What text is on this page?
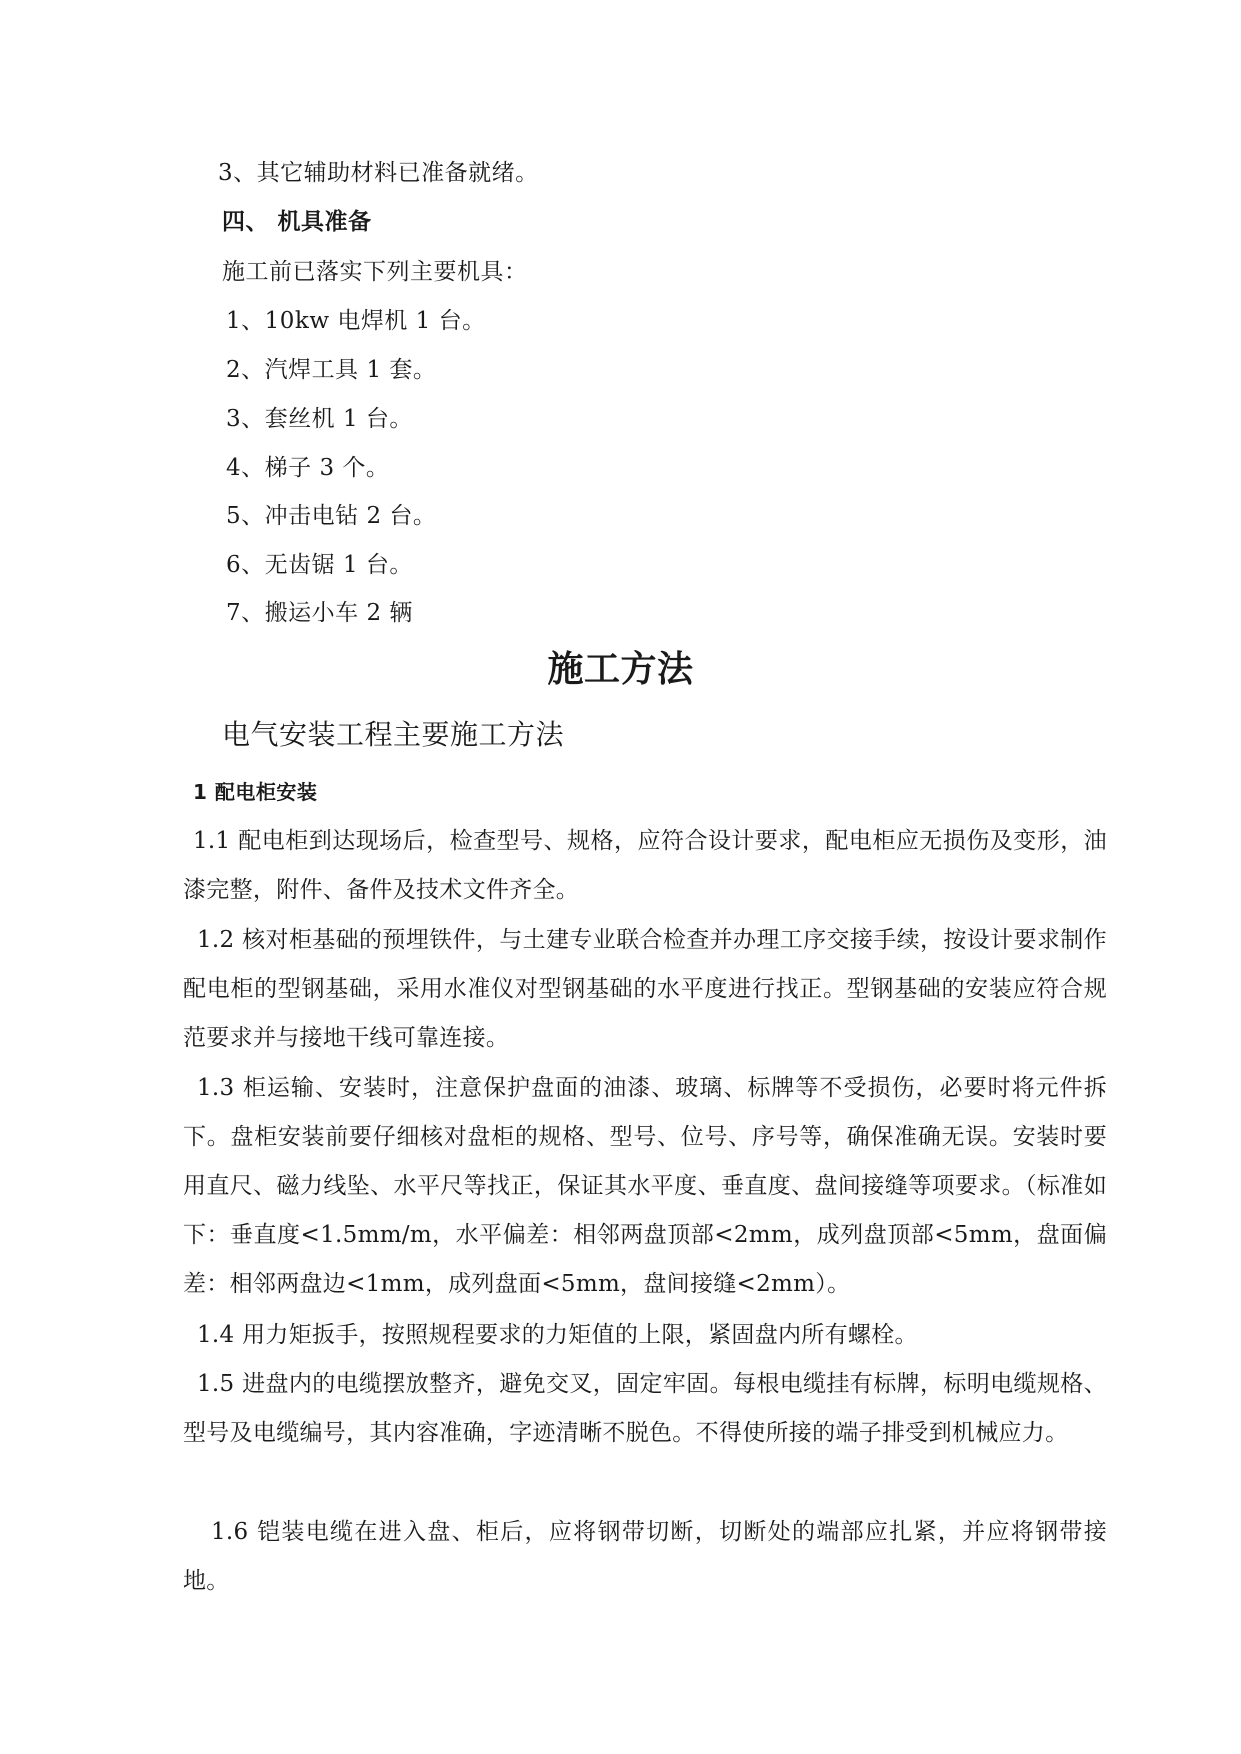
3、其它辅助材料已准备就绪。
四、 机具准备
施工前已落实下列主要机具：
1、10kw 电焊机 1 台。
2、汽焊工具 1 套。
3、套丝机 1 台。
4、梯子 3 个。
5、冲击电钻 2 台。
6、无齿锯 1 台。
7、搬运小车 2 辆
施工方法
电气安装工程主要施工方法
1 配电柜安装
1.1 配电柜到达现场后，检查型号、规格，应符合设计要求，配电柜应无损伤及变形，油漆完整，附件、备件及技术文件齐全。
1.2 核对柜基础的预埋铁件，与土建专业联合检查并办理工序交接手续，按设计要求制作配电柜的型钢基础，采用水准仪对型钢基础的水平度进行找正。型钢基础的安装应符合规范要求并与接地干线可靠连接。
1.3 柜运输、安装时，注意保护盘面的油漆、玻璃、标牌等不受损伤，必要时将元件拆下。盘柜安装前要仔细核对盘柜的规格、型号、位号、序号等，确保准确无误。安装时要用直尺、磁力线坠、水平尺等找正，保证其水平度、垂直度、盘间接缝等项要求。（标准如下：垂直度<1.5mm/m，水平偏差：相邻两盘顶部<2mm，成列盘顶部<5mm，盘面偏差：相邻两盘边<1mm，成列盘面<5mm，盘间接缝<2mm）。
1.4 用力矩扳手，按照规程要求的力矩值的上限，紧固盘内所有螺栓。
1.5 进盘内的电缆摆放整齐，避免交叉，固定牢固。每根电缆挂有标牌，标明电缆规格、型号及电缆编号，其内容准确，字迹清晰不脱色。不得使所接的端子排受到机械应力。
1.6 铠装电缆在进入盘、柜后，应将钢带切断，切断处的端部应扎紧，并应将钢带接地。
